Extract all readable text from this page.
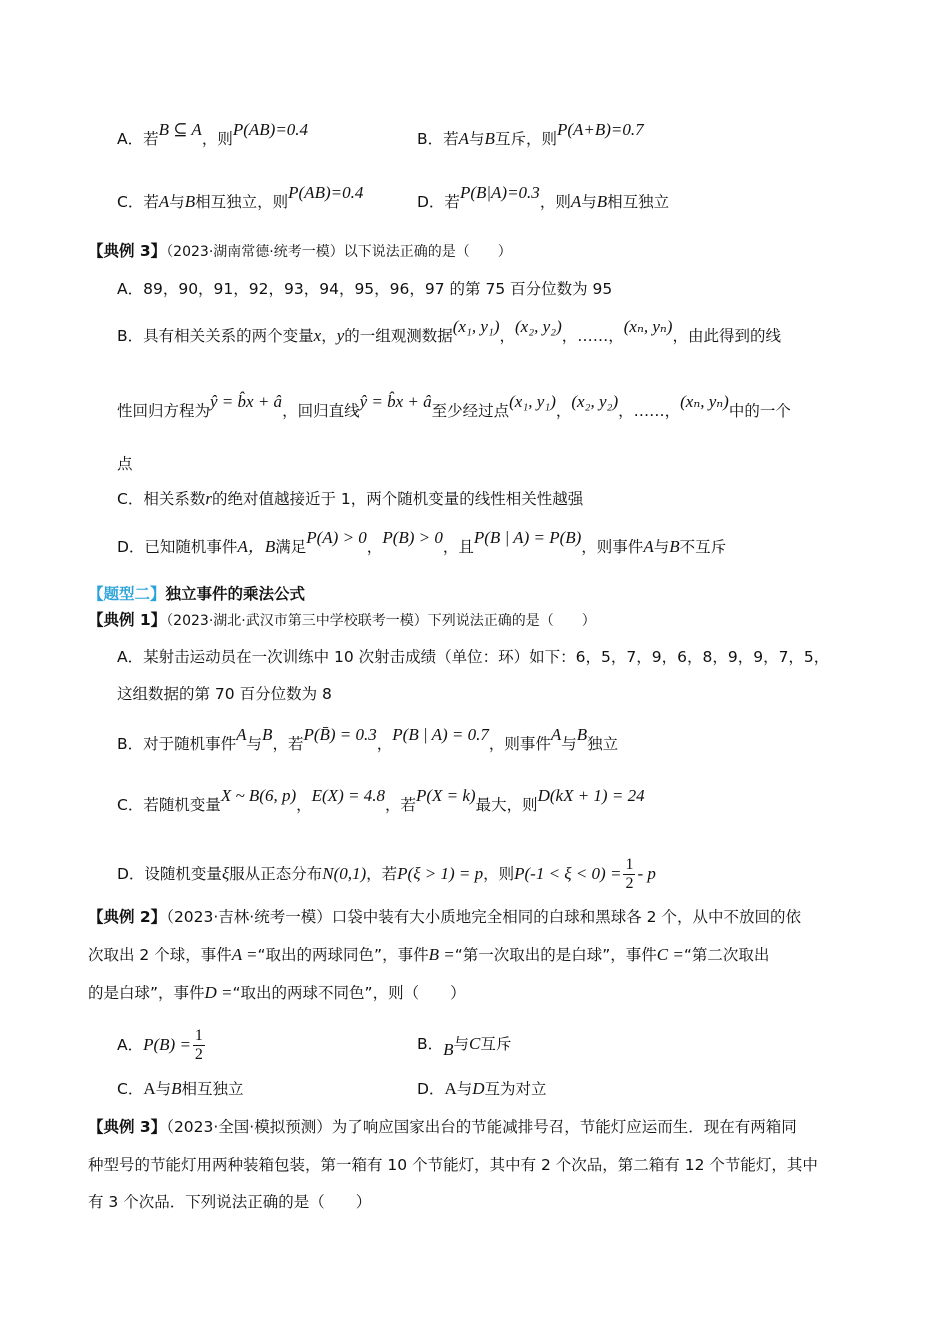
A．若B ⊆ A，则P(AB)=0.4	B．若A与B互斥，则P(A+B)=0.7
C．若A与B相互独立，则P(AB)=0.4	D．若P(B|A)=0.3，则A与B相互独立
【典例 3】（2023·湖南常德·统考一模）以下说法正确的是（　　）
A．89，90，91，92，93，94，95，96，97 的第 75 百分位数为 95
B．具有相关关系的两个变量x，y的一组观测数据(x₁, y₁)，(x₂, y₂)，……，(xₙ, yₙ)，由此得到的线
性回归方程为ŷ = b̂x + â，回归直线ŷ = b̂x + â至少经过点(x₁, y₁)，(x₂, y₂)，……，(xₙ, yₙ)中的一个
点
C．相关系数r的绝对值越接近于 1，两个随机变量的线性相关性越强
D．已知随机事件A，B满足P(A) > 0，P(B) > 0，且P(B | A) = P(B)，则事件A与B不互斥
【题型二】独立事件的乘法公式
【典例 1】（2023·湖北·武汉市第三中学校联考一模）下列说法正确的是（　　）
A．某射击运动员在一次训练中 10 次射击成绩（单位：环）如下：6，5，7，9，6，8，9，9，7，5，
这组数据的第 70 百分位数为 8
B．对于随机事件A与B，若P(B̄) = 0.3，P(B | A) = 0.7，则事件A与B独立
C．若随机变量X ~ B(6, p)，E(X) = 4.8，若P(X = k)最大，则D(kX + 1) = 24
D．设随机变量ξ服从正态分布N(0,1)，若P(ξ > 1) = p，则$P(-1 < \xi < 0) = \frac{1}{2} - p$
【典例 2】（2023·吉林·统考一模）口袋中装有大小质地完全相同的白球和黑球各 2 个，从中不放回的依
次取出 2 个球，事件A =“取出的两球同色”，事件B =“第一次取出的是白球”，事件C =“第二次取出
的是白球”，事件D =“取出的两球不同色”，则（　　）
A．$P(B) = \frac{1}{2}$	B．B与C互斥
C．A与B相互独立	D．A与D互为对立
【典例 3】（2023·全国·模拟预测）为了响应国家出台的节能减排号召，节能灯应运而生．现在有两箱同
种型号的节能灯用两种装箱包装，第一箱有 10 个节能灯，其中有 2 个次品，第二箱有 12 个节能灯，其中
有 3 个次品．下列说法正确的是（　　）
